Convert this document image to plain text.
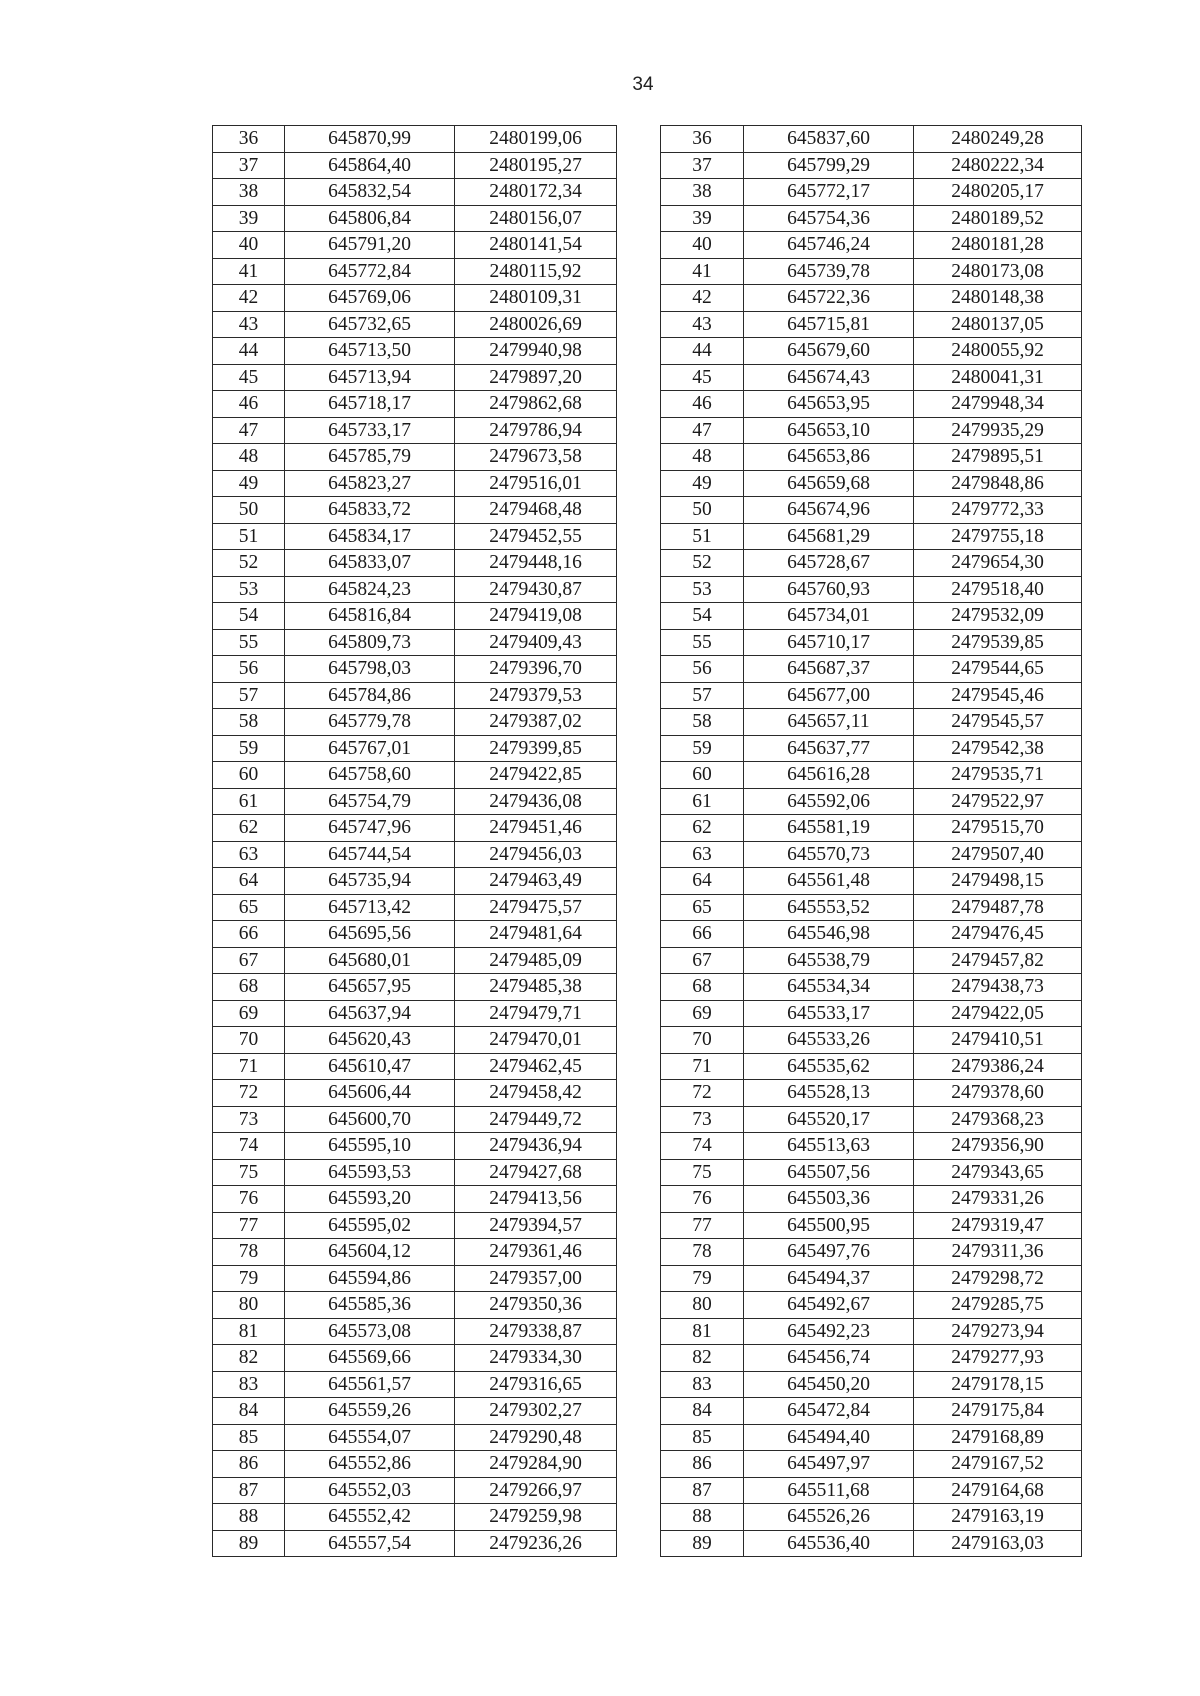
34
36	645870,99	2480199,06		36	645837,60	2480249,28
37	645864,40	2480195,27		37	645799,29	2480222,34
38	645832,54	2480172,34		38	645772,17	2480205,17
39	645806,84	2480156,07		39	645754,36	2480189,52
40	645791,20	2480141,54		40	645746,24	2480181,28
41	645772,84	2480115,92		41	645739,78	2480173,08
42	645769,06	2480109,31		42	645722,36	2480148,38
43	645732,65	2480026,69		43	645715,81	2480137,05
44	645713,50	2479940,98		44	645679,60	2480055,92
45	645713,94	2479897,20		45	645674,43	2480041,31
46	645718,17	2479862,68		46	645653,95	2479948,34
47	645733,17	2479786,94		47	645653,10	2479935,29
48	645785,79	2479673,58		48	645653,86	2479895,51
49	645823,27	2479516,01		49	645659,68	2479848,86
50	645833,72	2479468,48		50	645674,96	2479772,33
51	645834,17	2479452,55		51	645681,29	2479755,18
52	645833,07	2479448,16		52	645728,67	2479654,30
53	645824,23	2479430,87		53	645760,93	2479518,40
54	645816,84	2479419,08		54	645734,01	2479532,09
55	645809,73	2479409,43		55	645710,17	2479539,85
56	645798,03	2479396,70		56	645687,37	2479544,65
57	645784,86	2479379,53		57	645677,00	2479545,46
58	645779,78	2479387,02		58	645657,11	2479545,57
59	645767,01	2479399,85		59	645637,77	2479542,38
60	645758,60	2479422,85		60	645616,28	2479535,71
61	645754,79	2479436,08		61	645592,06	2479522,97
62	645747,96	2479451,46		62	645581,19	2479515,70
63	645744,54	2479456,03		63	645570,73	2479507,40
64	645735,94	2479463,49		64	645561,48	2479498,15
65	645713,42	2479475,57		65	645553,52	2479487,78
66	645695,56	2479481,64		66	645546,98	2479476,45
67	645680,01	2479485,09		67	645538,79	2479457,82
68	645657,95	2479485,38		68	645534,34	2479438,73
69	645637,94	2479479,71		69	645533,17	2479422,05
70	645620,43	2479470,01		70	645533,26	2479410,51
71	645610,47	2479462,45		71	645535,62	2479386,24
72	645606,44	2479458,42		72	645528,13	2479378,60
73	645600,70	2479449,72		73	645520,17	2479368,23
74	645595,10	2479436,94		74	645513,63	2479356,90
75	645593,53	2479427,68		75	645507,56	2479343,65
76	645593,20	2479413,56		76	645503,36	2479331,26
77	645595,02	2479394,57		77	645500,95	2479319,47
78	645604,12	2479361,46		78	645497,76	2479311,36
79	645594,86	2479357,00		79	645494,37	2479298,72
80	645585,36	2479350,36		80	645492,67	2479285,75
81	645573,08	2479338,87		81	645492,23	2479273,94
82	645569,66	2479334,30		82	645456,74	2479277,93
83	645561,57	2479316,65		83	645450,20	2479178,15
84	645559,26	2479302,27		84	645472,84	2479175,84
85	645554,07	2479290,48		85	645494,40	2479168,89
86	645552,86	2479284,90		86	645497,97	2479167,52
87	645552,03	2479266,97		87	645511,68	2479164,68
88	645552,42	2479259,98		88	645526,26	2479163,19
89	645557,54	2479236,26		89	645536,40	2479163,03
